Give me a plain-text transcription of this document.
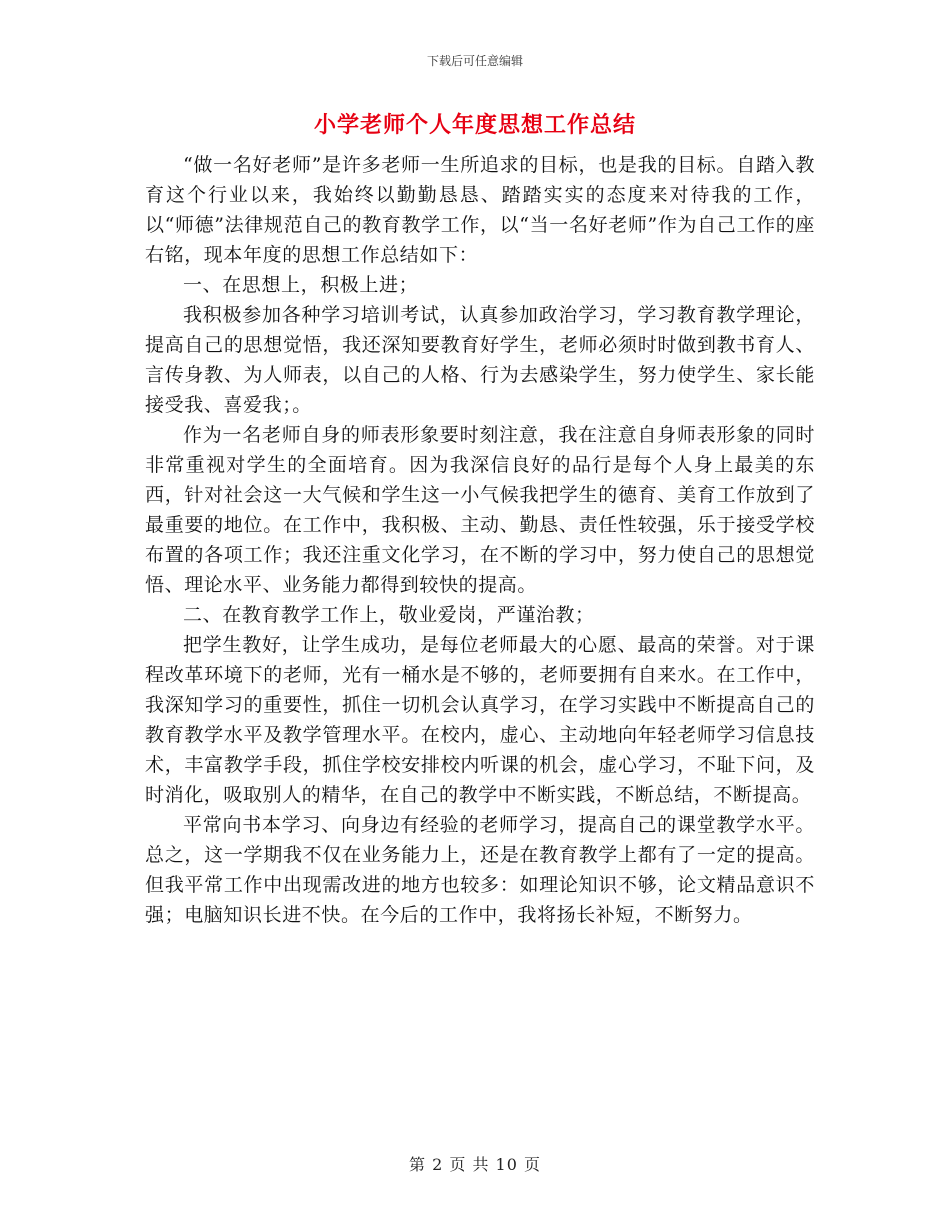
下载后可任意编辑
小学老师个人年度思想工作总结

“做一名好老师”是许多老师一生所追求的目标，也是我的目标。自踏入教育这个行业以来，我始终以勤勤恳恳、踏踏实实的态度来对待我的工作，以“师德”法律规范自己的教育教学工作，以“当一名好老师”作为自己工作的座右铭，现本年度的思想工作总结如下：

一、在思想上，积极上进；

我积极参加各种学习培训考试，认真参加政治学习，学习教育教学理论，提高自己的思想觉悟，我还深知要教育好学生，老师必须时时做到教书育人、言传身教、为人师表，以自己的人格、行为去感染学生，努力使学生、家长能接受我、喜爱我；。

作为一名老师自身的师表形象要时刻注意，我在注意自身师表形象的同时非常重视对学生的全面培育。因为我深信良好的品行是每个人身上最美的东西，针对社会这一大气候和学生这一小气候我把学生的德育、美育工作放到了最重要的地位。在工作中，我积极、主动、勤恳、责任性较强，乐于接受学校布置的各项工作；我还注重文化学习，在不断的学习中，努力使自己的思想觉悟、理论水平、业务能力都得到较快的提高。

二、在教育教学工作上，敬业爱岗，严谨治教；

把学生教好，让学生成功，是每位老师最大的心愿、最高的荣誉。对于课程改革环境下的老师，光有一桶水是不够的，老师要拥有自来水。在工作中，我深知学习的重要性，抓住一切机会认真学习，在学习实践中不断提高自己的教育教学水平及教学管理水平。在校内，虚心、主动地向年轻老师学习信息技术，丰富教学手段，抓住学校安排校内听课的机会，虚心学习，不耻下问，及时消化，吸取别人的精华，在自己的教学中不断实践，不断总结，不断提高。

平常向书本学习、向身边有经验的老师学习，提高自己的课堂教学水平。总之，这一学期我不仅在业务能力上，还是在教育教学上都有了一定的提高。但我平常工作中出现需改进的地方也较多：如理论知识不够，论文精品意识不强；电脑知识长进不快。在今后的工作中，我将扬长补短，不断努力。

第 2 页 共 10 页
